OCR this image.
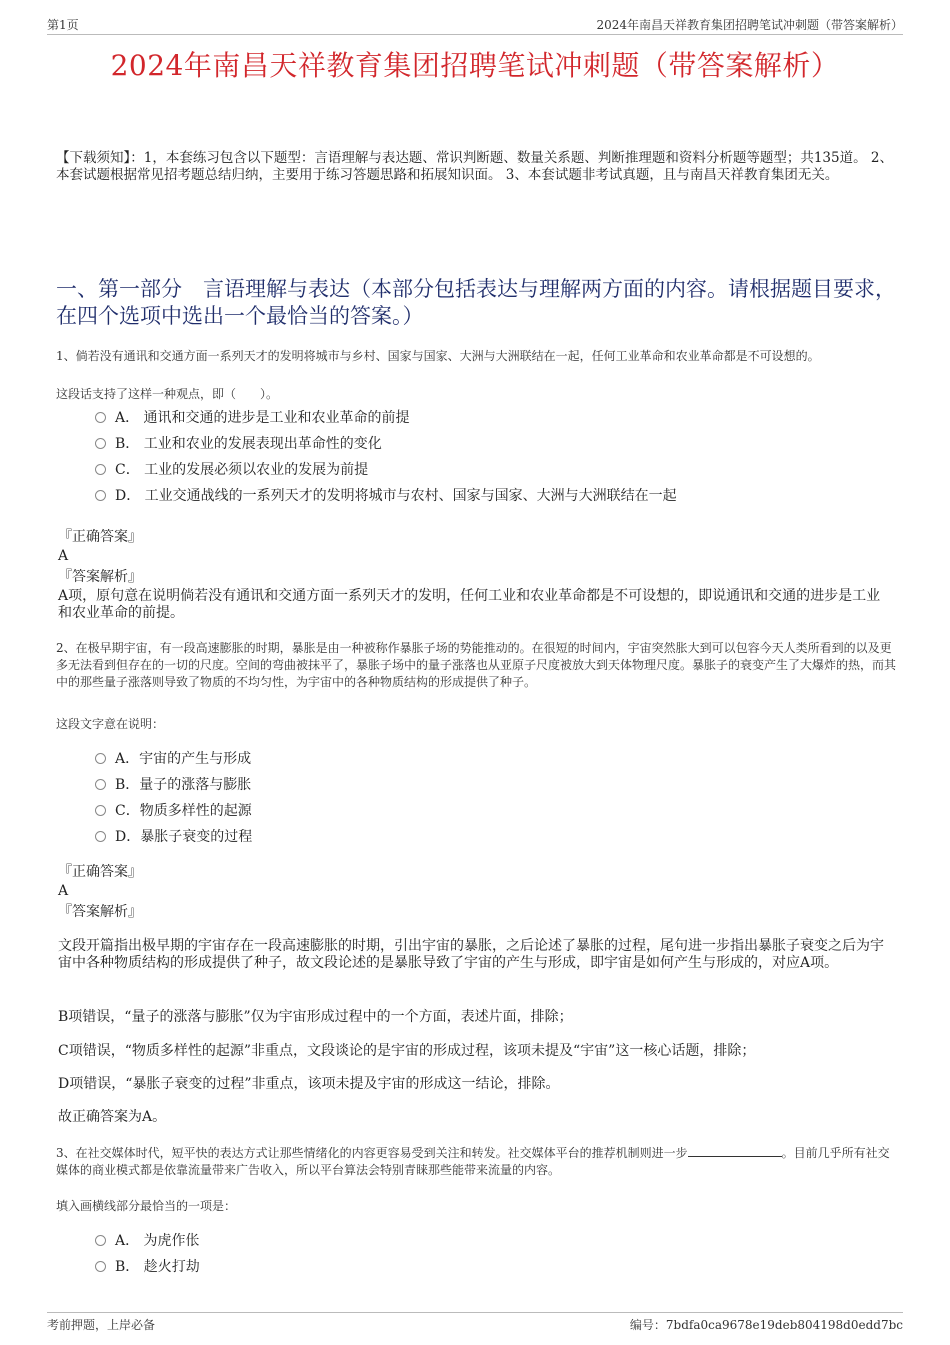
第1页	2024年南昌天祥教育集团招聘笔试冲刺题（带答案解析）
2024年南昌天祥教育集团招聘笔试冲刺题（带答案解析）
【下载须知】：1，本套练习包含以下题型：言语理解与表达题、常识判断题、数量关系题、判断推理题和资料分析题等题型；共135道。 2、本套试题根据常见招考题总结归纳，主要用于练习答题思路和拓展知识面。 3、本套试题非考试真题，且与南昌天祥教育集团无关。
一、第一部分　言语理解与表达（本部分包括表达与理解两方面的内容。请根据题目要求，在四个选项中选出一个最恰当的答案。）
1、倘若没有通讯和交通方面一系列天才的发明将城市与乡村、国家与国家、大洲与大洲联结在一起，任何工业革命和农业革命都是不可设想的。
这段话支持了这样一种观点，即（　　）。
A． 通讯和交通的进步是工业和农业革命的前提
B． 工业和农业的发展表现出革命性的变化
C． 工业的发展必须以农业的发展为前提
D． 工业交通战线的一系列天才的发明将城市与农村、国家与国家、大洲与大洲联结在一起
『正确答案』
A
『答案解析』
A项，原句意在说明倘若没有通讯和交通方面一系列天才的发明，任何工业和农业革命都是不可设想的，即说通讯和交通的进步是工业和农业革命的前提。
2、在极早期宇宙，有一段高速膨胀的时期，暴胀是由一种被称作暴胀子场的势能推动的。在很短的时间内，宇宙突然胀大到可以包容今天人类所看到的以及更多无法看到但存在的一切的尺度。空间的弯曲被抹平了，暴胀子场中的量子涨落也从亚原子尺度被放大到天体物理尺度。暴胀子的衰变产生了大爆炸的热，而其中的那些量子涨落则导致了物质的不均匀性，为宇宙中的各种物质结构的形成提供了种子。
这段文字意在说明：
A．宇宙的产生与形成
B．量子的涨落与膨胀
C．物质多样性的起源
D．暴胀子衰变的过程
『正确答案』
A
『答案解析』
文段开篇指出极早期的宇宙存在一段高速膨胀的时期，引出宇宙的暴胀，之后论述了暴胀的过程，尾句进一步指出暴胀子衰变之后为宇宙中各种物质结构的形成提供了种子，故文段论述的是暴胀导致了宇宙的产生与形成，即宇宙是如何产生与形成的，对应A项。
B项错误，“量子的涨落与膨胀”仅为宇宙形成过程中的一个方面，表述片面，排除；
C项错误，“物质多样性的起源”非重点，文段谈论的是宇宙的形成过程，该项未提及“宇宙”这一核心话题，排除；
D项错误，“暴胀子衰变的过程”非重点，该项未提及宇宙的形成这一结论，排除。
故正确答案为A。
3、在社交媒体时代，短平快的表达方式让那些情绪化的内容更容易受到关注和转发。社交媒体平台的推荐机制则进一步	。目前几乎所有社交媒体的商业模式都是依靠流量带来广告收入，所以平台算法会特别青睐那些能带来流量的内容。
填入画横线部分最恰当的一项是：
A． 为虎作伥
B． 趁火打劫
考前押题，上岸必备	编号：7bdfa0ca9678e19deb804198d0edd7bc
